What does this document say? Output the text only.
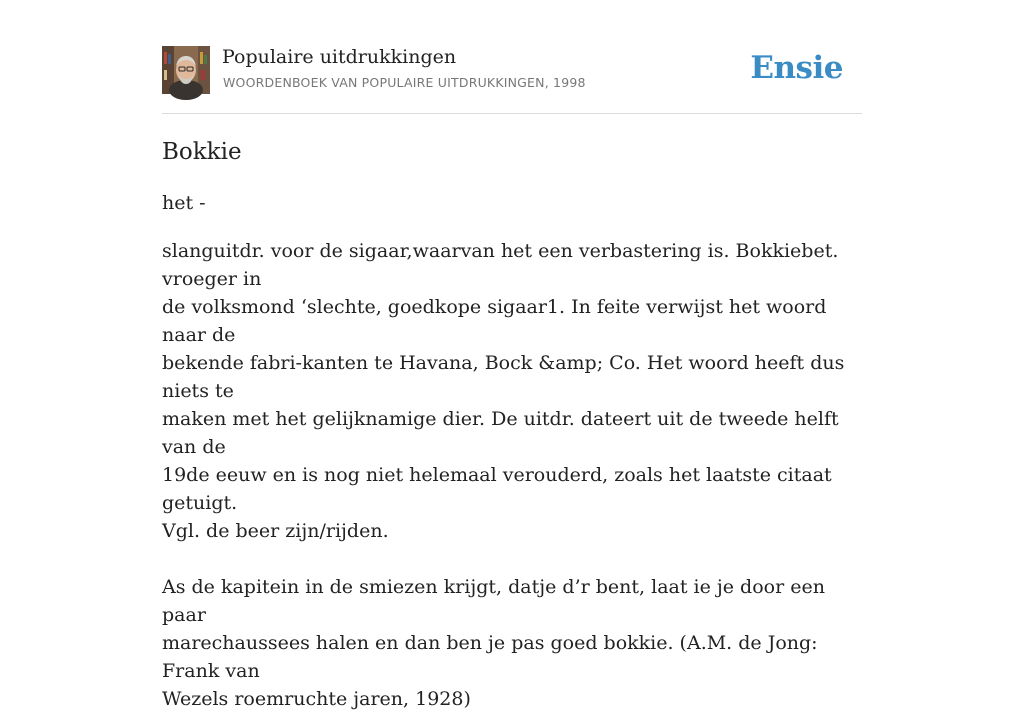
Populaire uitdrukkingen
WOORDENBOEK VAN POPULAIRE UITDRUKKINGEN, 1998	Ensie
Bokkie
het -

slanguitdr. voor de sigaar,waarvan het een verbastering is. Bokkiebet. vroeger in
de volksmond ‘slechte, goedkope sigaar1. In feite verwijst het woord naar de
bekende fabri-kanten te Havana, Bock &amp; Co. Het woord heeft dus niets te
maken met het gelijknamige dier. De uitdr. dateert uit de tweede helft van de
19de eeuw en is nog niet helemaal verouderd, zoals het laatste citaat getuigt.
Vgl. de beer zijn/rijden.

As de kapitein in de smiezen krijgt, datje d’r bent, laat ie je door een paar
marechaussees halen en dan ben je pas goed bokkie. (A.M. de Jong: Frank van
Wezels roemruchte jaren, 1928)
